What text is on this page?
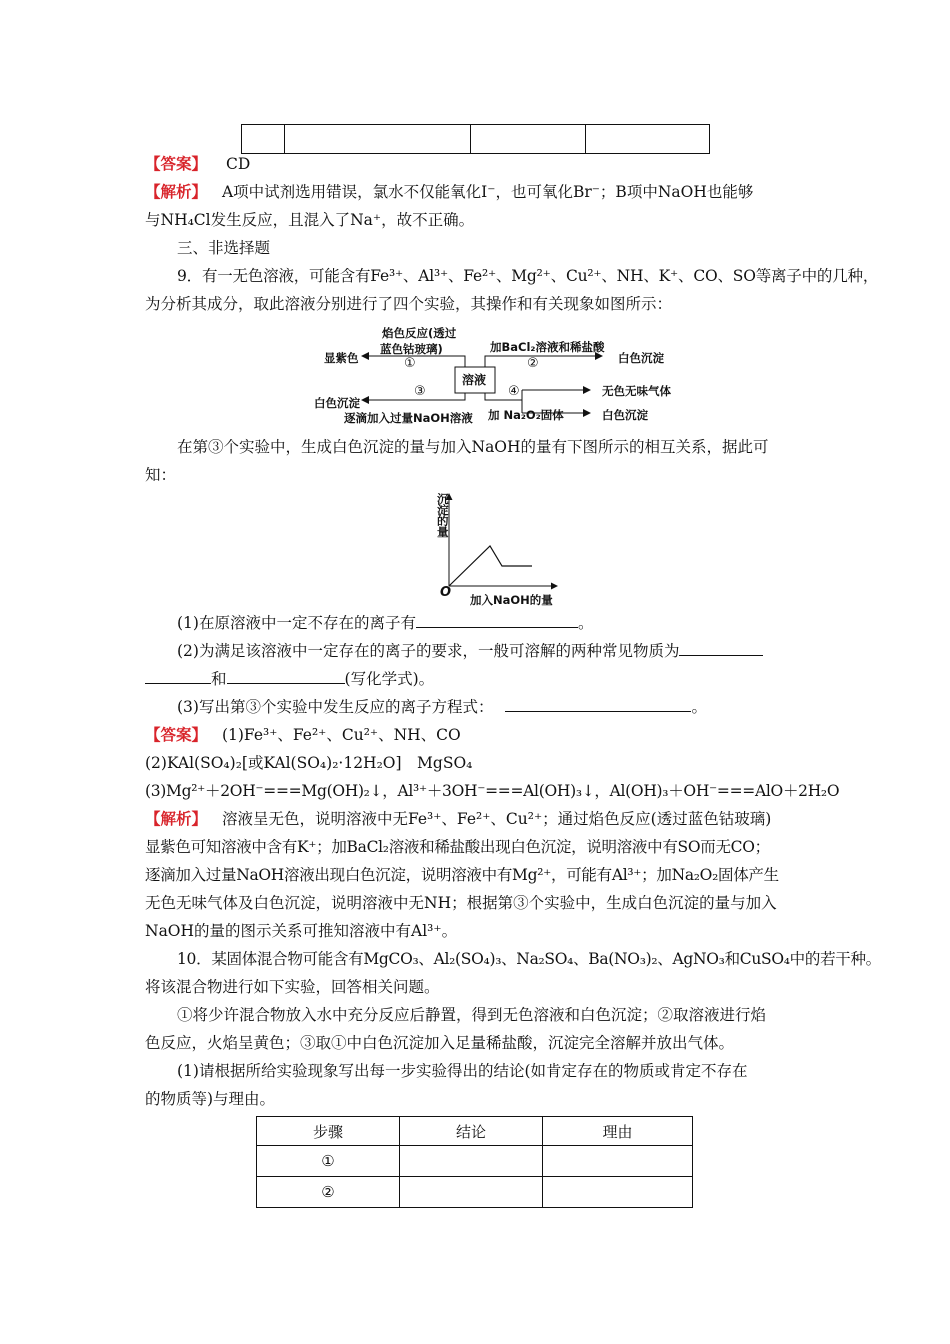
【答案】 CD
【解析】 A项中试剂选用错误，氯水不仅能氧化I⁻，也可氧化Br⁻；B项中NaOH也能够
与NH₄Cl发生反应，且混入了Na⁺，故不正确。
三、非选择题
9．有一无色溶液，可能含有Fe³⁺、Al³⁺、Fe²⁺、Mg²⁺、Cu²⁺、NH、K⁺、CO、SO等离子中的几种，
为分析其成分，取此溶液分别进行了四个实验，其操作和有关现象如图所示：
溶液
焰色反应(透过
蓝色钴玻璃)
①
显紫色
加BaCl₂溶液和稀盐酸
②	白色沉淀
③
白色沉淀
逐滴加入过量NaOH溶液
④
加 Na₂O₂固体
无色无味气体
白色沉淀
在第③个实验中，生成白色沉淀的量与加入NaOH的量有下图所示的相互关系，据此可
知：
沉
淀
的
量
O 加入NaOH的量
(1)在原溶液中一定不存在的离子有	。
(2)为满足该溶液中一定存在的离子的要求，一般可溶解的两种常见物质为
和	(写化学式)。
(3)写出第③个实验中发生反应的离子方程式：	。
【答案】 (1)Fe³⁺、Fe²⁺、Cu²⁺、NH、CO
(2)KAl(SO₄)₂[或KAl(SO₄)₂·12H₂O]　MgSO₄
(3)Mg²⁺＋2OH⁻===Mg(OH)₂↓，Al³⁺＋3OH⁻===Al(OH)₃↓，Al(OH)₃＋OH⁻===AlO＋2H₂O
【解析】 溶液呈无色，说明溶液中无Fe³⁺、Fe²⁺、Cu²⁺；通过焰色反应(透过蓝色钴玻璃)
显紫色可知溶液中含有K⁺；加BaCl₂溶液和稀盐酸出现白色沉淀，说明溶液中有SO而无CO；
逐滴加入过量NaOH溶液出现白色沉淀，说明溶液中有Mg²⁺，可能有Al³⁺；加Na₂O₂固体产生
无色无味气体及白色沉淀，说明溶液中无NH；根据第③个实验中，生成白色沉淀的量与加入
NaOH的量的图示关系可推知溶液中有Al³⁺。
10．某固体混合物可能含有MgCO₃、Al₂(SO₄)₃、Na₂SO₄、Ba(NO₃)₂、AgNO₃和CuSO₄中的若干种。
将该混合物进行如下实验，回答相关问题。
①将少许混合物放入水中充分反应后静置，得到无色溶液和白色沉淀；②取溶液进行焰
色反应，火焰呈黄色；③取①中白色沉淀加入足量稀盐酸，沉淀完全溶解并放出气体。
(1)请根据所给实验现象写出每一步实验得出的结论(如肯定存在的物质或肯定不存在
的物质等)与理由。
步骤	结论	理由
①		
②		
